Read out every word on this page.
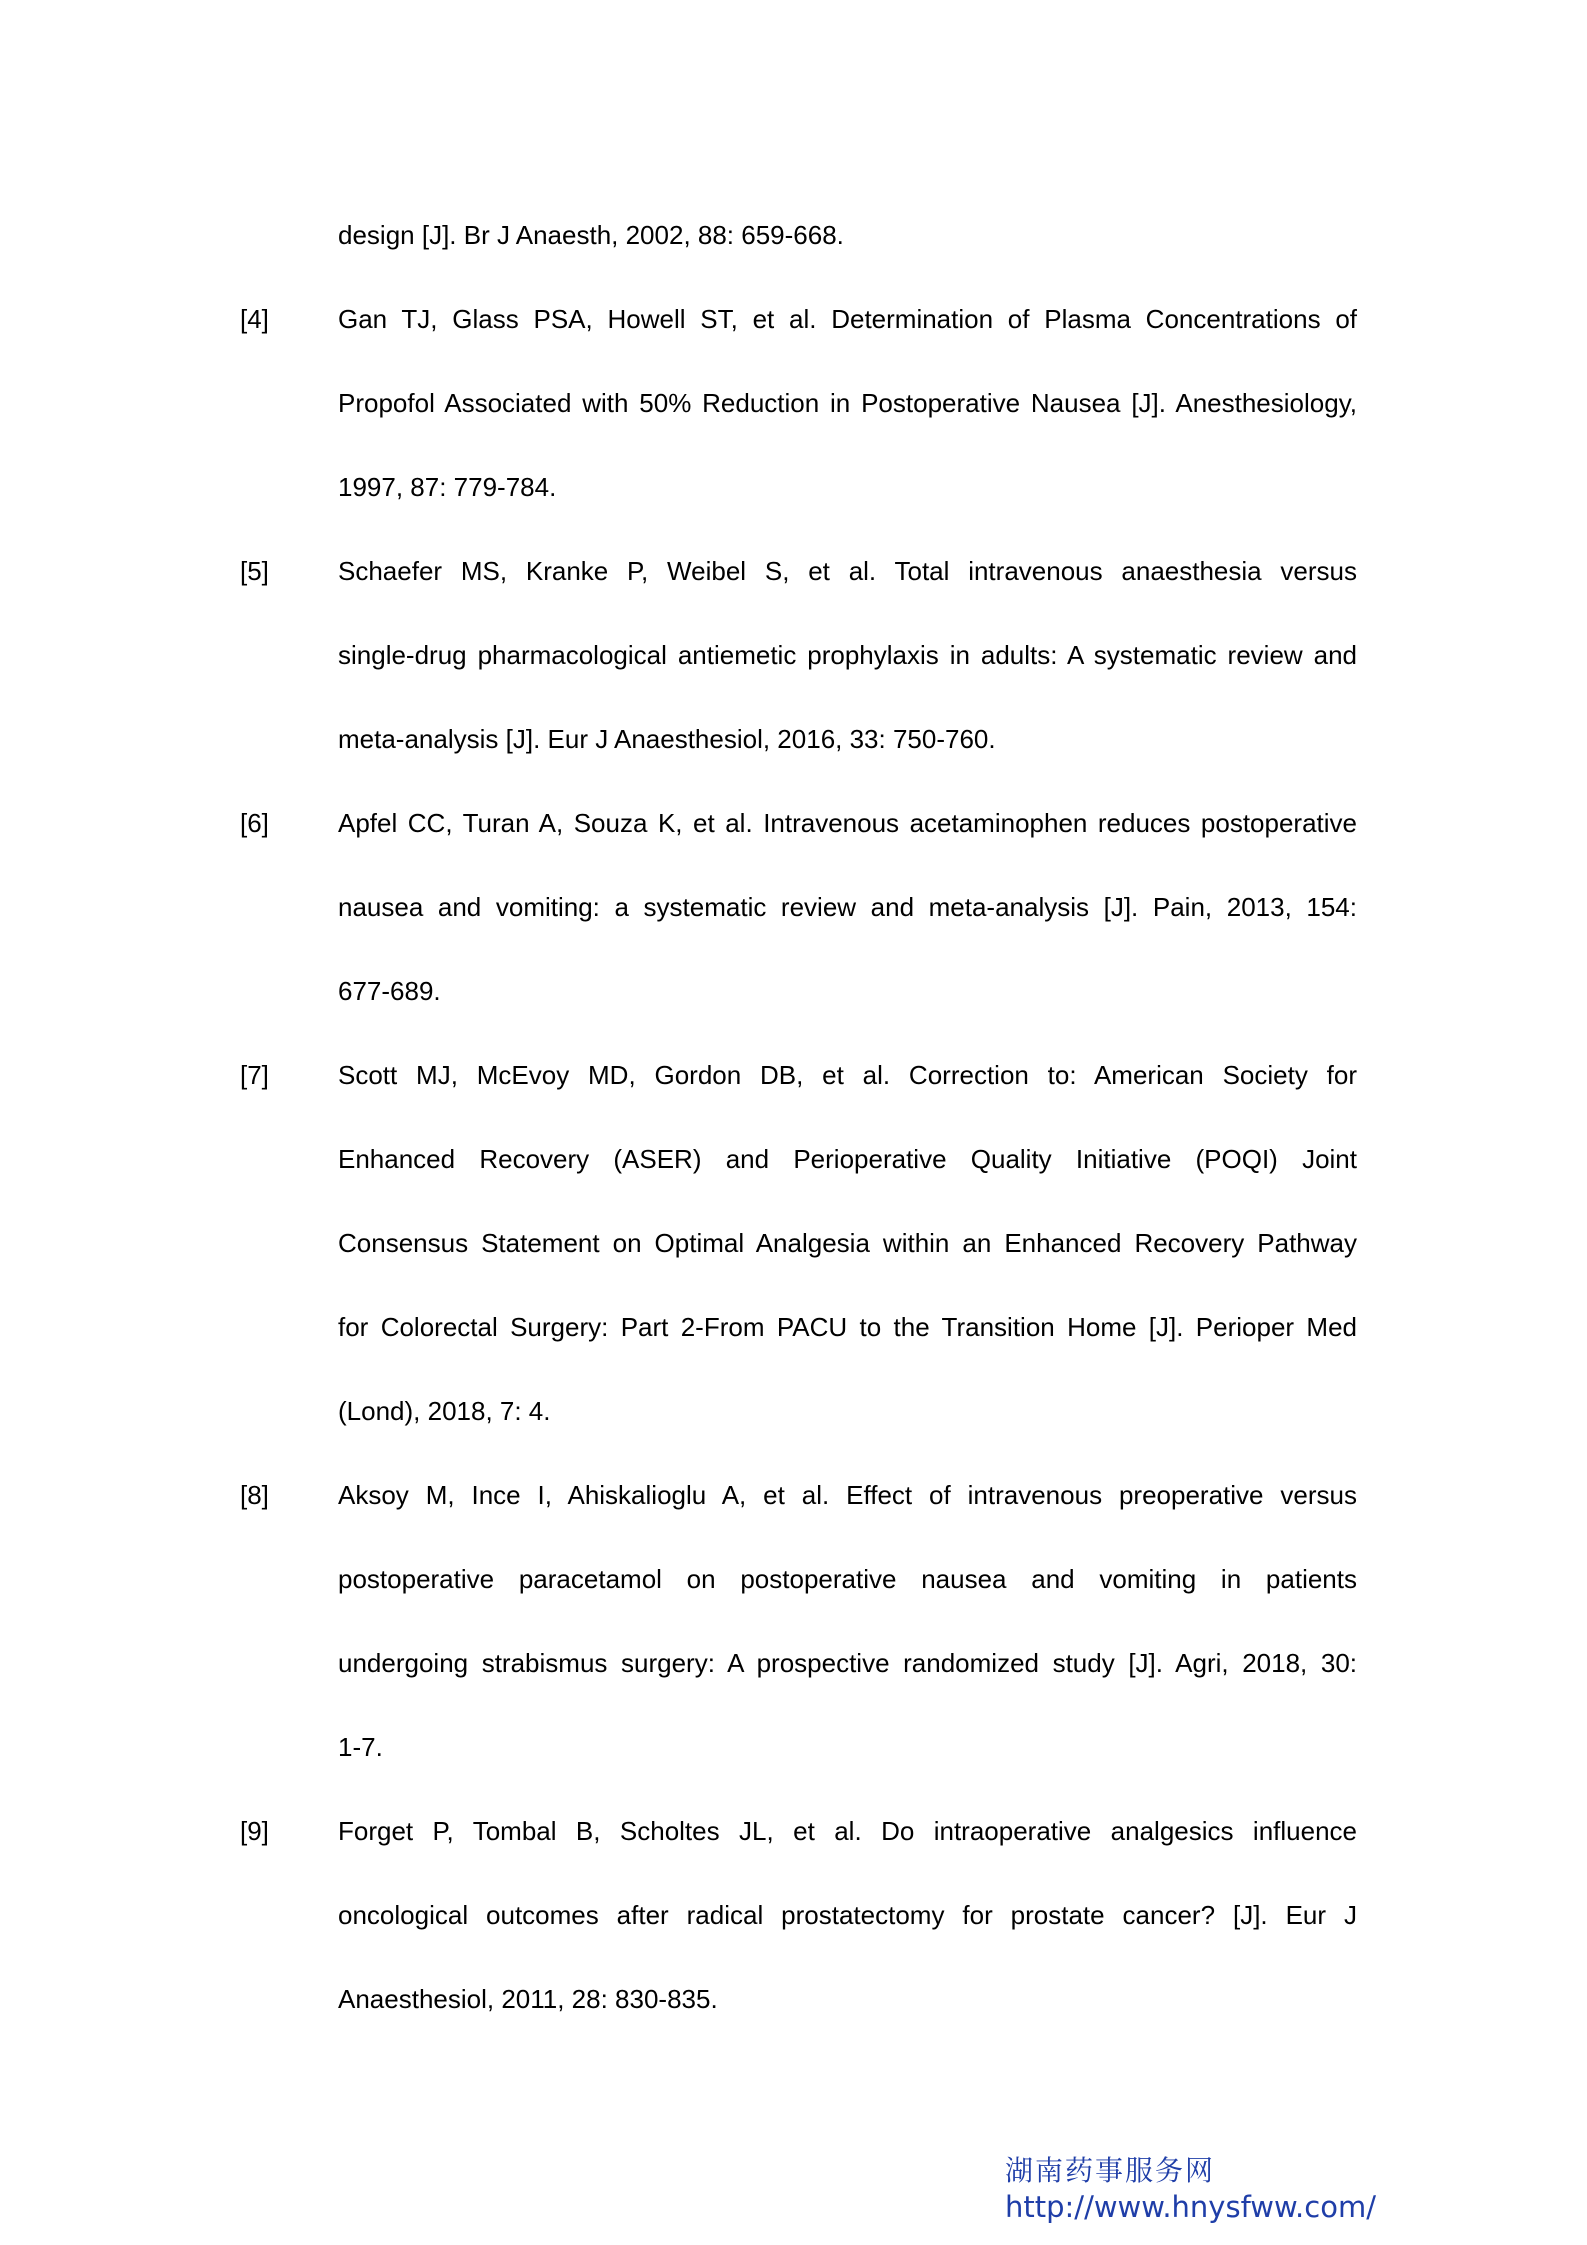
design [J]. Br J Anaesth, 2002, 88: 659-668.
[4]	Gan TJ, Glass PSA, Howell ST, et al. Determination of Plasma Concentrations of
Propofol Associated with 50% Reduction in Postoperative Nausea [J]. Anesthesiology,
1997, 87: 779-784.
[5]	Schaefer MS, Kranke P, Weibel S, et al. Total intravenous anaesthesia versus
single-drug pharmacological antiemetic prophylaxis in adults: A systematic review and
meta-analysis [J]. Eur J Anaesthesiol, 2016, 33: 750-760.
[6]	Apfel CC, Turan A, Souza K, et al. Intravenous acetaminophen reduces postoperative
nausea and vomiting: a systematic review and meta-analysis [J]. Pain, 2013, 154:
677-689.
[7]	Scott MJ, McEvoy MD, Gordon DB, et al. Correction to: American Society for
Enhanced Recovery (ASER) and Perioperative Quality Initiative (POQI) Joint
Consensus Statement on Optimal Analgesia within an Enhanced Recovery Pathway
for Colorectal Surgery: Part 2-From PACU to the Transition Home [J]. Perioper Med
(Lond), 2018, 7: 4.
[8]	Aksoy M, Ince I, Ahiskalioglu A, et al. Effect of intravenous preoperative versus
postoperative paracetamol on postoperative nausea and vomiting in patients
undergoing strabismus surgery: A prospective randomized study [J]. Agri, 2018, 30:
1-7.
[9]	Forget P, Tombal B, Scholtes JL, et al. Do intraoperative analgesics influence
oncological outcomes after radical prostatectomy for prostate cancer? [J]. Eur J
Anaesthesiol, 2011, 28: 830-835.
湖南药事服务网
http://www.hnysfww.com/
